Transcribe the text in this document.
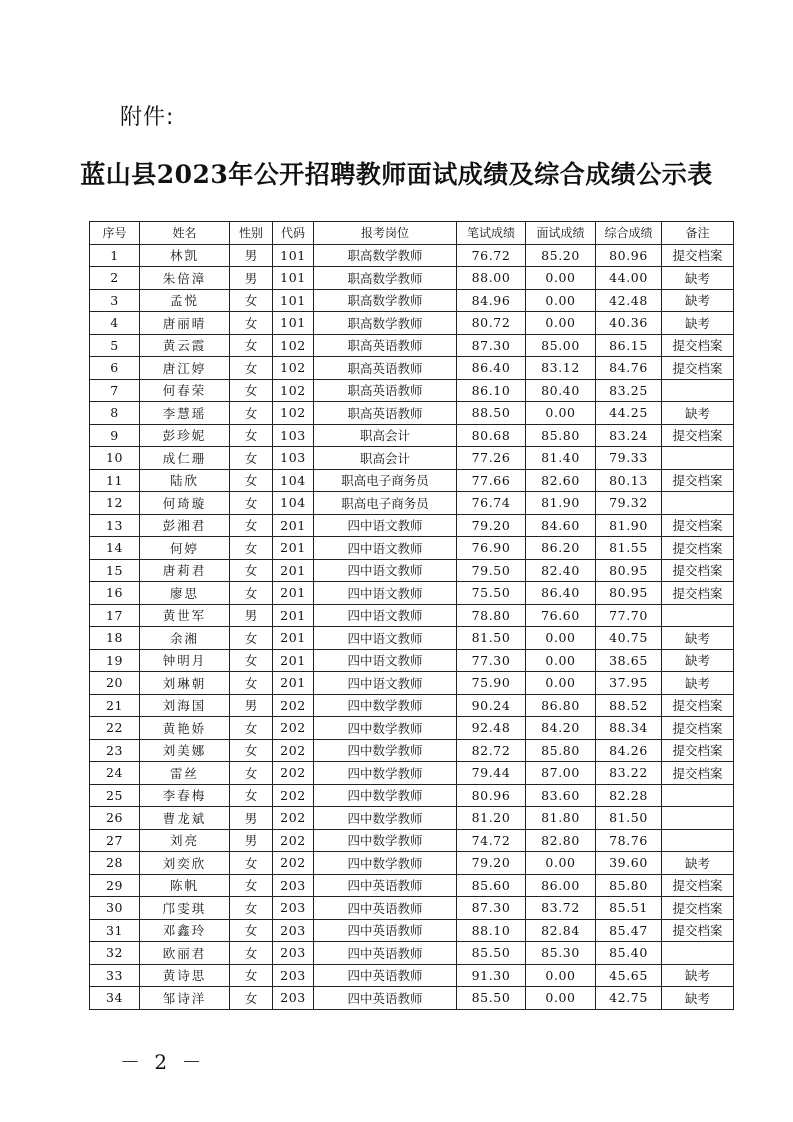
附件:
蓝山县2023年公开招聘教师面试成绩及综合成绩公示表
序号	姓名	性别	代码	报考岗位	笔试成绩	面试成绩	综合成绩	备注
1	林凯	男	101	职高数学教师	76.72	85.20	80.96	提交档案
2	朱倍漳	男	101	职高数学教师	88.00	0.00	44.00	缺考
3	孟悦	女	101	职高数学教师	84.96	0.00	42.48	缺考
4	唐丽晴	女	101	职高数学教师	80.72	0.00	40.36	缺考
5	黄云霞	女	102	职高英语教师	87.30	85.00	86.15	提交档案
6	唐江婷	女	102	职高英语教师	86.40	83.12	84.76	提交档案
7	何春荣	女	102	职高英语教师	86.10	80.40	83.25	
8	李慧瑶	女	102	职高英语教师	88.50	0.00	44.25	缺考
9	彭珍妮	女	103	职高会计	80.68	85.80	83.24	提交档案
10	成仁珊	女	103	职高会计	77.26	81.40	79.33	
11	陆欣	女	104	职高电子商务员	77.66	82.60	80.13	提交档案
12	何琦璇	女	104	职高电子商务员	76.74	81.90	79.32	
13	彭湘君	女	201	四中语文教师	79.20	84.60	81.90	提交档案
14	何婷	女	201	四中语文教师	76.90	86.20	81.55	提交档案
15	唐莉君	女	201	四中语文教师	79.50	82.40	80.95	提交档案
16	廖思	女	201	四中语文教师	75.50	86.40	80.95	提交档案
17	黄世军	男	201	四中语文教师	78.80	76.60	77.70	
18	余湘	女	201	四中语文教师	81.50	0.00	40.75	缺考
19	钟明月	女	201	四中语文教师	77.30	0.00	38.65	缺考
20	刘琳朝	女	201	四中语文教师	75.90	0.00	37.95	缺考
21	刘海国	男	202	四中数学教师	90.24	86.80	88.52	提交档案
22	黄艳娇	女	202	四中数学教师	92.48	84.20	88.34	提交档案
23	刘美娜	女	202	四中数学教师	82.72	85.80	84.26	提交档案
24	雷丝	女	202	四中数学教师	79.44	87.00	83.22	提交档案
25	李春梅	女	202	四中数学教师	80.96	83.60	82.28	
26	曹龙斌	男	202	四中数学教师	81.20	81.80	81.50	
27	刘亮	男	202	四中数学教师	74.72	82.80	78.76	
28	刘奕欣	女	202	四中数学教师	79.20	0.00	39.60	缺考
29	陈帆	女	203	四中英语教师	85.60	86.00	85.80	提交档案
30	邝雯琪	女	203	四中英语教师	87.30	83.72	85.51	提交档案
31	邓鑫玲	女	203	四中英语教师	88.10	82.84	85.47	提交档案
32	欧丽君	女	203	四中英语教师	85.50	85.30	85.40	
33	黄诗思	女	203	四中英语教师	91.30	0.00	45.65	缺考
34	邹诗洋	女	203	四中英语教师	85.50	0.00	42.75	缺考
－ 2 －
